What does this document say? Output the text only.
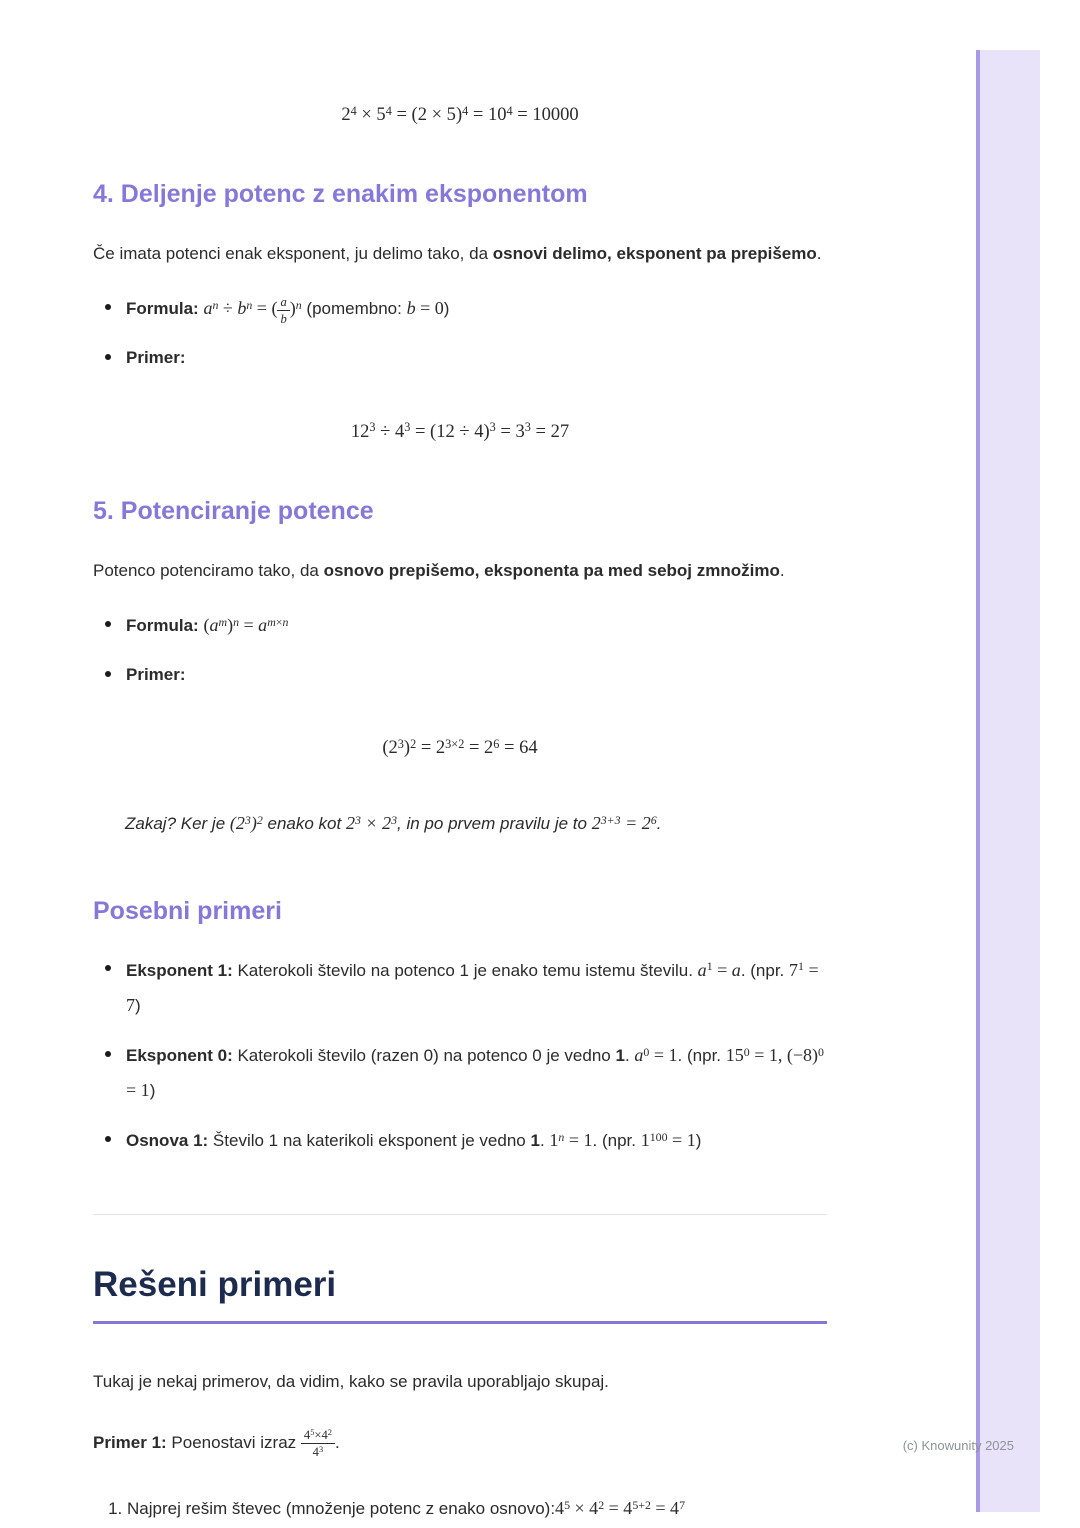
$2^4 \times 5^4 = (2 \times 5)^4 = 10^4 = 10000$
4. Deljenje potenc z enakim eksponentom

Če imata potenci enak eksponent, ju delimo tako, da osnovi delimo, eksponent pa prepišemo.

Formula: $a^n \div b^n$ = ( $\frac{a}{b} )^n$ (pomembno: b = 0)
Primer:
$12^3 \div 4^3 = (12 \div 4)^3 = 3^3 = 27$
5. Potenciranje potence

Potenco potenciramo tako, da osnovo prepišemo, eksponenta pa med seboj zmnožimo.

Formula: $(a^m)^n = a^{m\times n}$
Primer:
$(2^3)^2 = 2^{3\times 2} = 2^6 = 64$

Zakaj? Ker je $(2^3)^2$ enako kot $2^3 \times 2^3$, in po prvem pravilu je to $2^{3+3} = 2^6$.

Posebni primeri
Eksponent 1: Katerokoli število na potenco 1 je enako temu istemu številu. $a^1 = a$. (npr. $7^1 = 7$)
Eksponent 0: Katerokoli število (razen 0) na potenco 0 je vedno 1. $a^0 = 1$. (npr. $15^0 = 1$, $(-8)^0 = 1$)
Osnova 1: Število 1 na katerikoli eksponent je vedno 1. $1^n = 1$. (npr. $1^{100} = 1$)
Rešeni primeri

Tukaj je nekaj primerov, da vidim, kako se pravila uporabljajo skupaj.

Primer 1: Poenostavi izraz $\frac{4^5\times 4^2}{4^3}$ .

1. Najprej rešim števec (množenje potenc z enako $osnovo):4^5 \times 4^2 = 4^{5+2} = 4^7$
(c) Knowunity 2025
